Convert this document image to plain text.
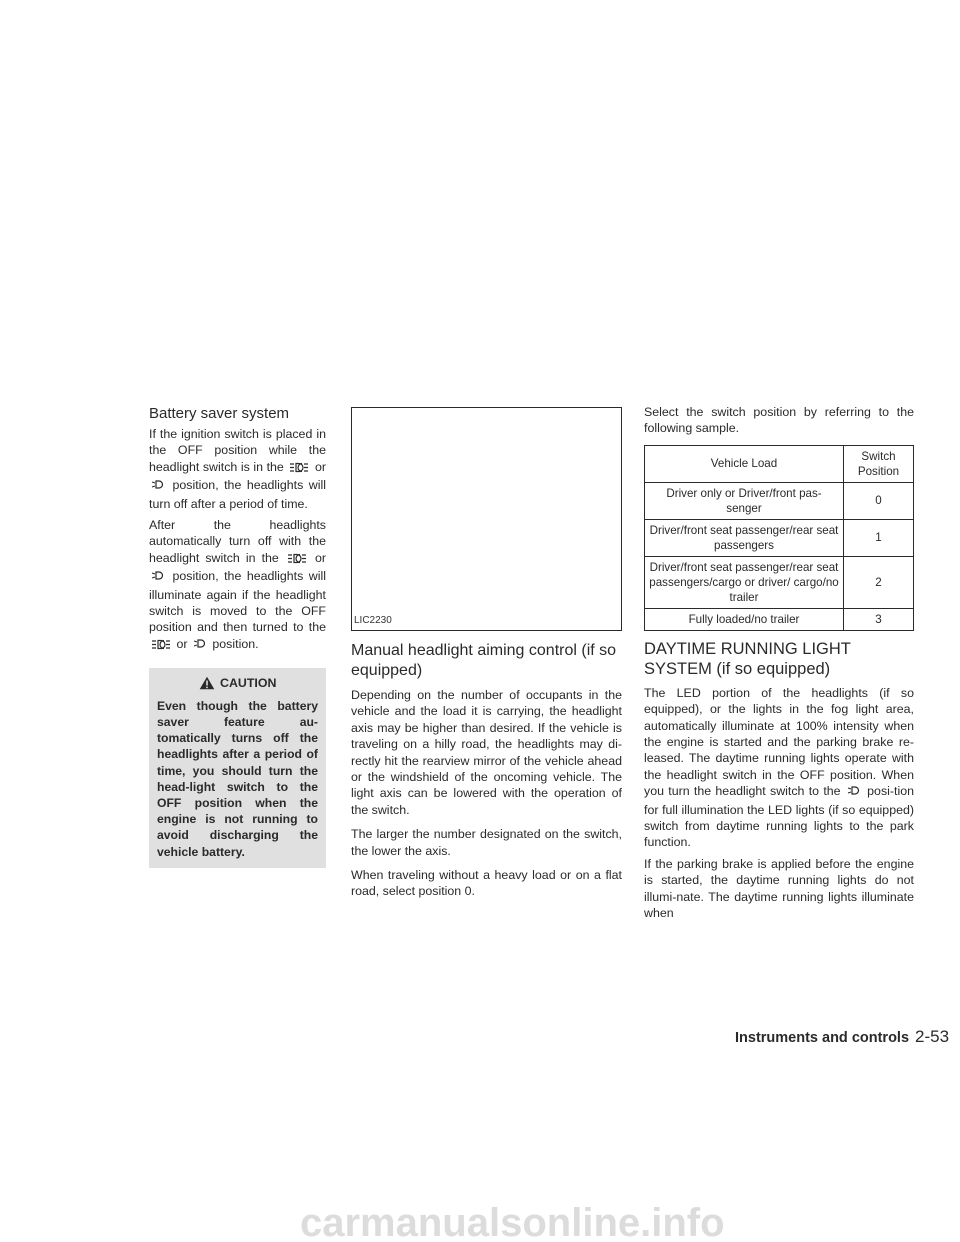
Battery saver system

If the ignition switch is placed in the OFF position while the headlight switch is in the	or  position, the headlights will turn off after a period of time.

After the headlights automatically turn off with the headlight switch in the	or  position, the headlights will illuminate again if the headlight switch is moved to the OFF position and then turned to the  or position.

CAUTION
Even though the battery saver feature au-tomatically turns off the headlights after a period of time, you should turn the head-light switch to the OFF position when the engine is not running to avoid discharging the vehicle battery.
LIC2230
Manual headlight aiming control (if so equipped)

Depending on the number of occupants in the vehicle and the load it is carrying, the headlight axis may be higher than desired. If the vehicle is traveling on a hilly road, the headlights may di-rectly hit the rearview mirror of the vehicle ahead or the windshield of the oncoming vehicle. The light axis can be lowered with the operation of the switch.

The larger the number designated on the switch, the lower the axis.

When traveling without a heavy load or on a flat road, select position 0.

Select the switch position by referring to the following sample.

Vehicle Load	Switch Position
Driver only or Driver/front pas-senger	0
Driver/front seat passenger/rear seat passengers	1
Driver/front seat passenger/rear seat passengers/cargo or driver/ cargo/no trailer	2
Fully loaded/no trailer	3
DAYTIME RUNNING LIGHT SYSTEM (if so equipped)

The LED portion of the headlights (if so equipped), or the lights in the fog light area, automatically illuminate at 100% intensity when the engine is started and the parking brake re-leased. The daytime running lights operate with the headlight switch in the OFF position. When you turn the headlight switch to the posi-tion for full illumination the LED lights (if so equipped) switch from daytime running lights to the park function.

If the parking brake is applied before the engine is started, the daytime running lights do not illumi-nate. The daytime running lights illuminate when

Instruments and controls 2-53
carmanualsonline.info
